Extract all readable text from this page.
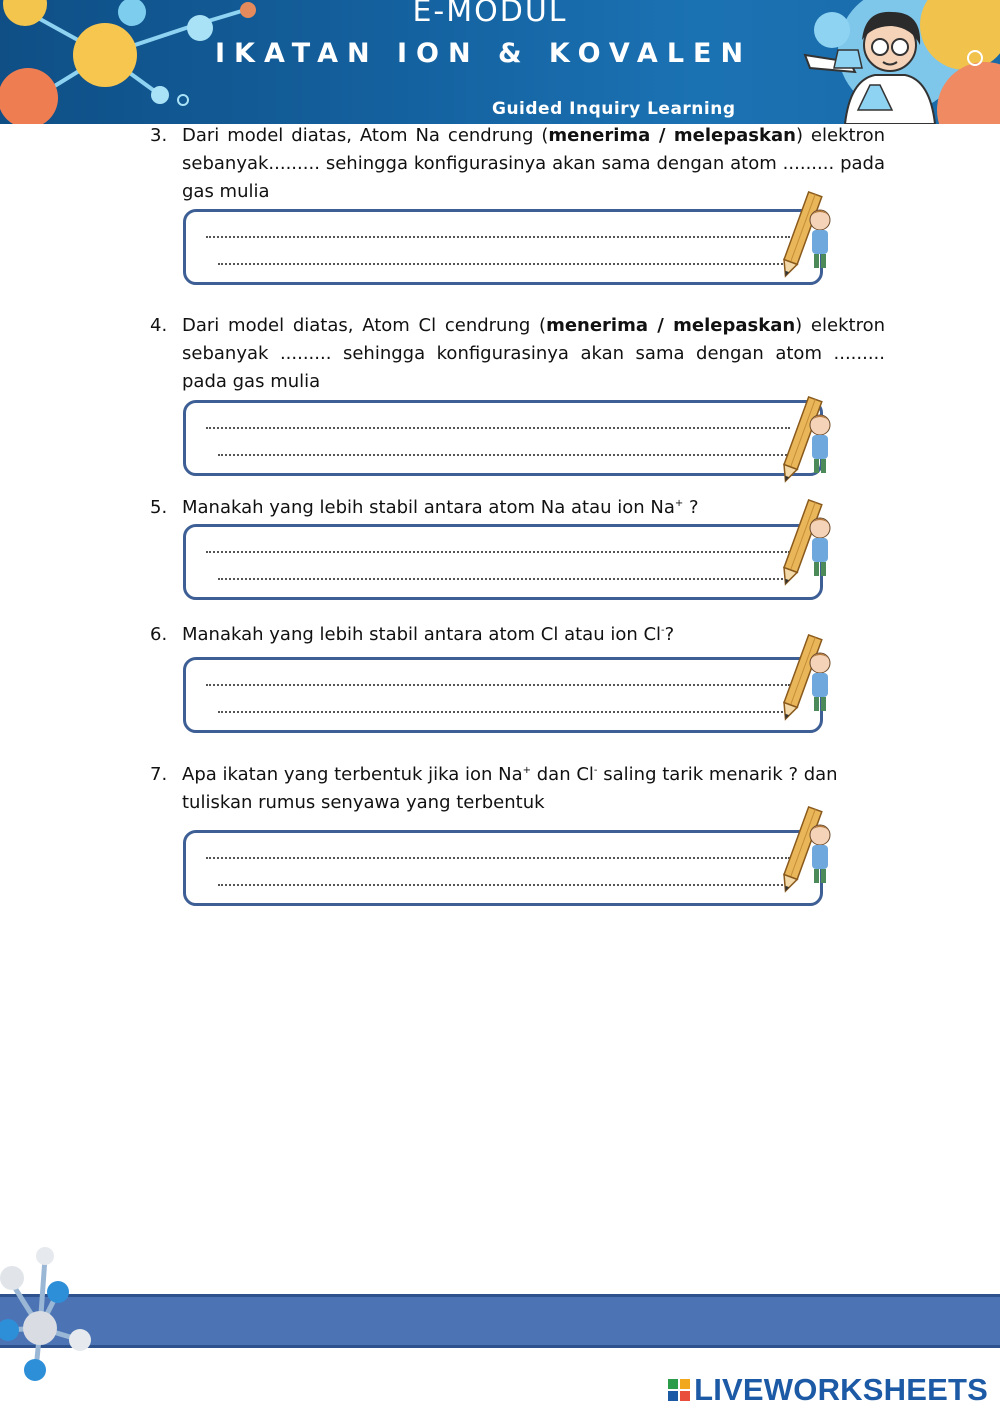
E-MODUL
IKATAN ION & KOVALEN
Guided Inquiry Learning
3. Dari model diatas, Atom Na cendrung (menerima / melepaskan) elektron sebanyak......... sehingga konfigurasinya akan sama dengan atom ......... pada gas mulia
4. Dari model diatas, Atom Cl cendrung (menerima / melepaskan) elektron sebanyak ......... sehingga konfigurasinya akan sama dengan atom ......... pada gas mulia
5. Manakah yang lebih stabil antara atom Na atau ion Na+ ?
6. Manakah yang lebih stabil antara atom Cl atau ion Cl-?
7. Apa ikatan yang terbentuk jika ion Na+ dan Cl- saling tarik menarik ? dan tuliskan rumus senyawa yang terbentuk
LIVEWORKSHEETS
